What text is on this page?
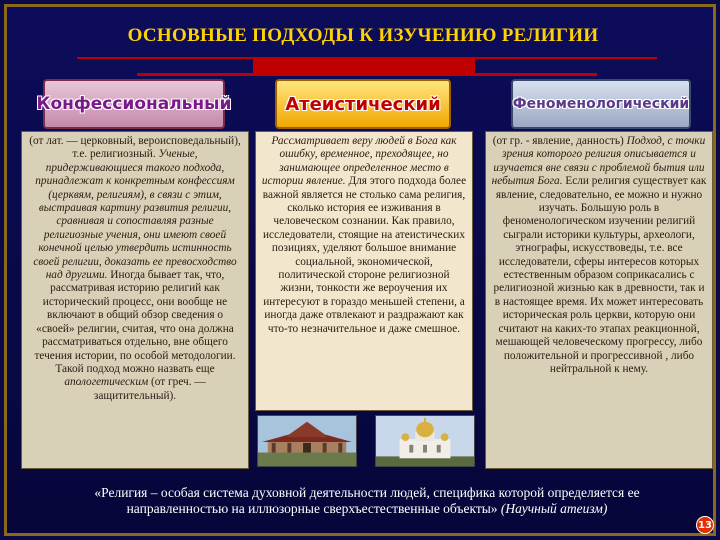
ОСНОВНЫЕ ПОДХОДЫ К ИЗУЧЕНИЮ РЕЛИГИИ
Конфессиональный	Атеистический	Феноменологический
(от лат. — церковный, вероисповедальный), т.е. религиозный. Ученые, придерживающиеся такого подхода, принадлежат к конкретным конфессиям (церквям, религиям), в связи с этим, выстраивая картину развития религии, сравнивая и сопоставляя разные религиозные учения, они имеют своей конечной целью утвердить истинность своей религии, доказать ее превосходство над другими. Иногда бывает так, что, рассматривая историю религий как исторический процесс, они вообще не включают в общий обзор сведения о «своей» религии, считая, что она должна рассматриваться отдельно, вне общего течения истории, по особой методологии. Такой подход можно назвать еще апологетическим (от греч. — защитительный).
Рассматривает веру людей в Бога как ошибку, временное, преходящее, но занимающее определенное место в истории явление. Для этого подхода более важной является не столько сама религия, сколько история ее изживания в человеческом сознании. Как правило, исследователи, стоящие на атеистических позициях, уделяют большое внимание социальной, экономической, политической стороне религиозной жизни, тонкости же вероучения их интересуют в гораздо меньшей степени, а иногда даже отвлекают и раздражают как что-то незначительное и даже смешное.
(от гр. - явление, данность) Подход, с точки зрения которого религия описывается и изучается вне связи с проблемой бытия или небытия Бога. Если религия существует как явление, следовательно, ее можно и нужно изучать. Большую роль в феноменологическом изучении религий сыграли историки культуры, археологи, этнографы, искусствоведы, т.е. все исследователи, сферы интересов которых естественным образом соприкасались с религиозной жизнью как в древности, так и в настоящее время. Их может интересовать историческая роль церкви, которую они считают на каких-то этапах реакционной, мешающей человеческому прогрессу, либо положительной и прогрессивной , либо нейтральной к нему.
«Религия – особая система духовной деятельности людей, специфика которой определяется ее направленностью на иллюзорные сверхъестественные объекты» (Научный атеизм)
13
